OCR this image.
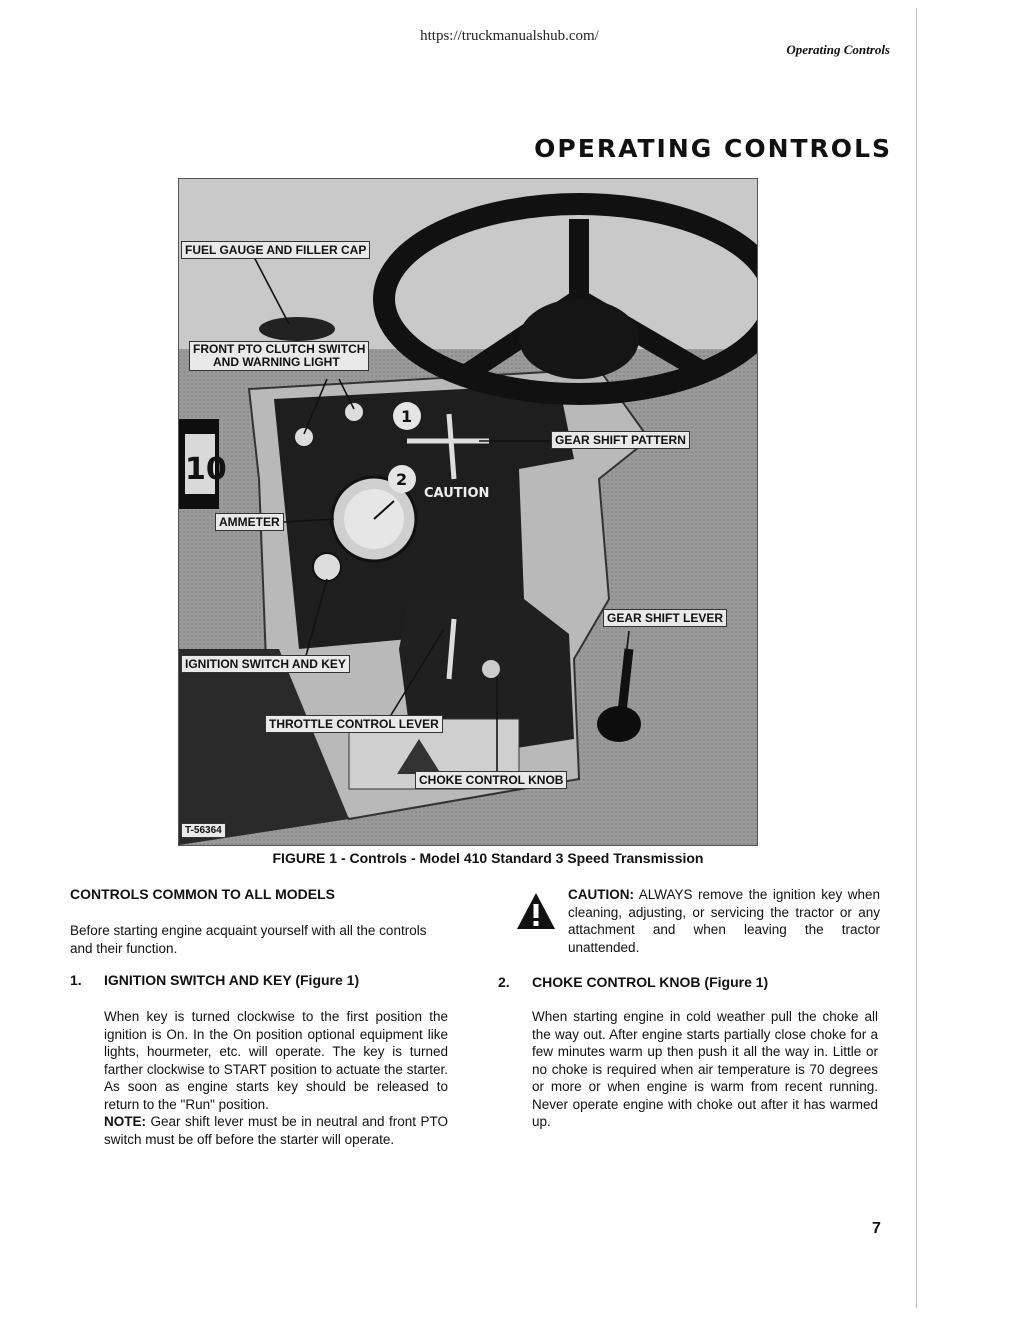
https://truckmanualshub.com/
Operating Controls
OPERATING CONTROLS
1
2
CAUTION
10
FUEL GAUGE AND FILLER CAP
FRONT PTO CLUTCH SWITCH
AND WARNING LIGHT
GEAR SHIFT PATTERN
AMMETER
GEAR SHIFT LEVER
IGNITION SWITCH AND KEY
THROTTLE CONTROL LEVER
CHOKE CONTROL KNOB
T-56364
FIGURE 1 - Controls - Model 410 Standard 3 Speed Transmission
CONTROLS COMMON TO ALL MODELS
Before starting engine acquaint yourself with all the controls and their function.
1. IGNITION SWITCH AND KEY (Figure 1)
When key is turned clockwise to the first position the ignition is On. In the On position optional equipment like lights, hourmeter, etc. will operate. The key is turned farther clockwise to START position to actuate the starter. As soon as engine starts key should be released to return to the "Run" position.
NOTE: Gear shift lever must be in neutral and front PTO switch must be off before the starter will operate.
CAUTION: ALWAYS remove the ignition key when cleaning, adjusting, or servicing the tractor or any attachment and when leaving the tractor unattended.
2. CHOKE CONTROL KNOB (Figure 1)
When starting engine in cold weather pull the choke all the way out. After engine starts partially close choke for a few minutes warm up then push it all the way in. Little or no choke is required when air temperature is 70 degrees or more or when engine is warm from recent running. Never operate engine with choke out after it has warmed up.
7
